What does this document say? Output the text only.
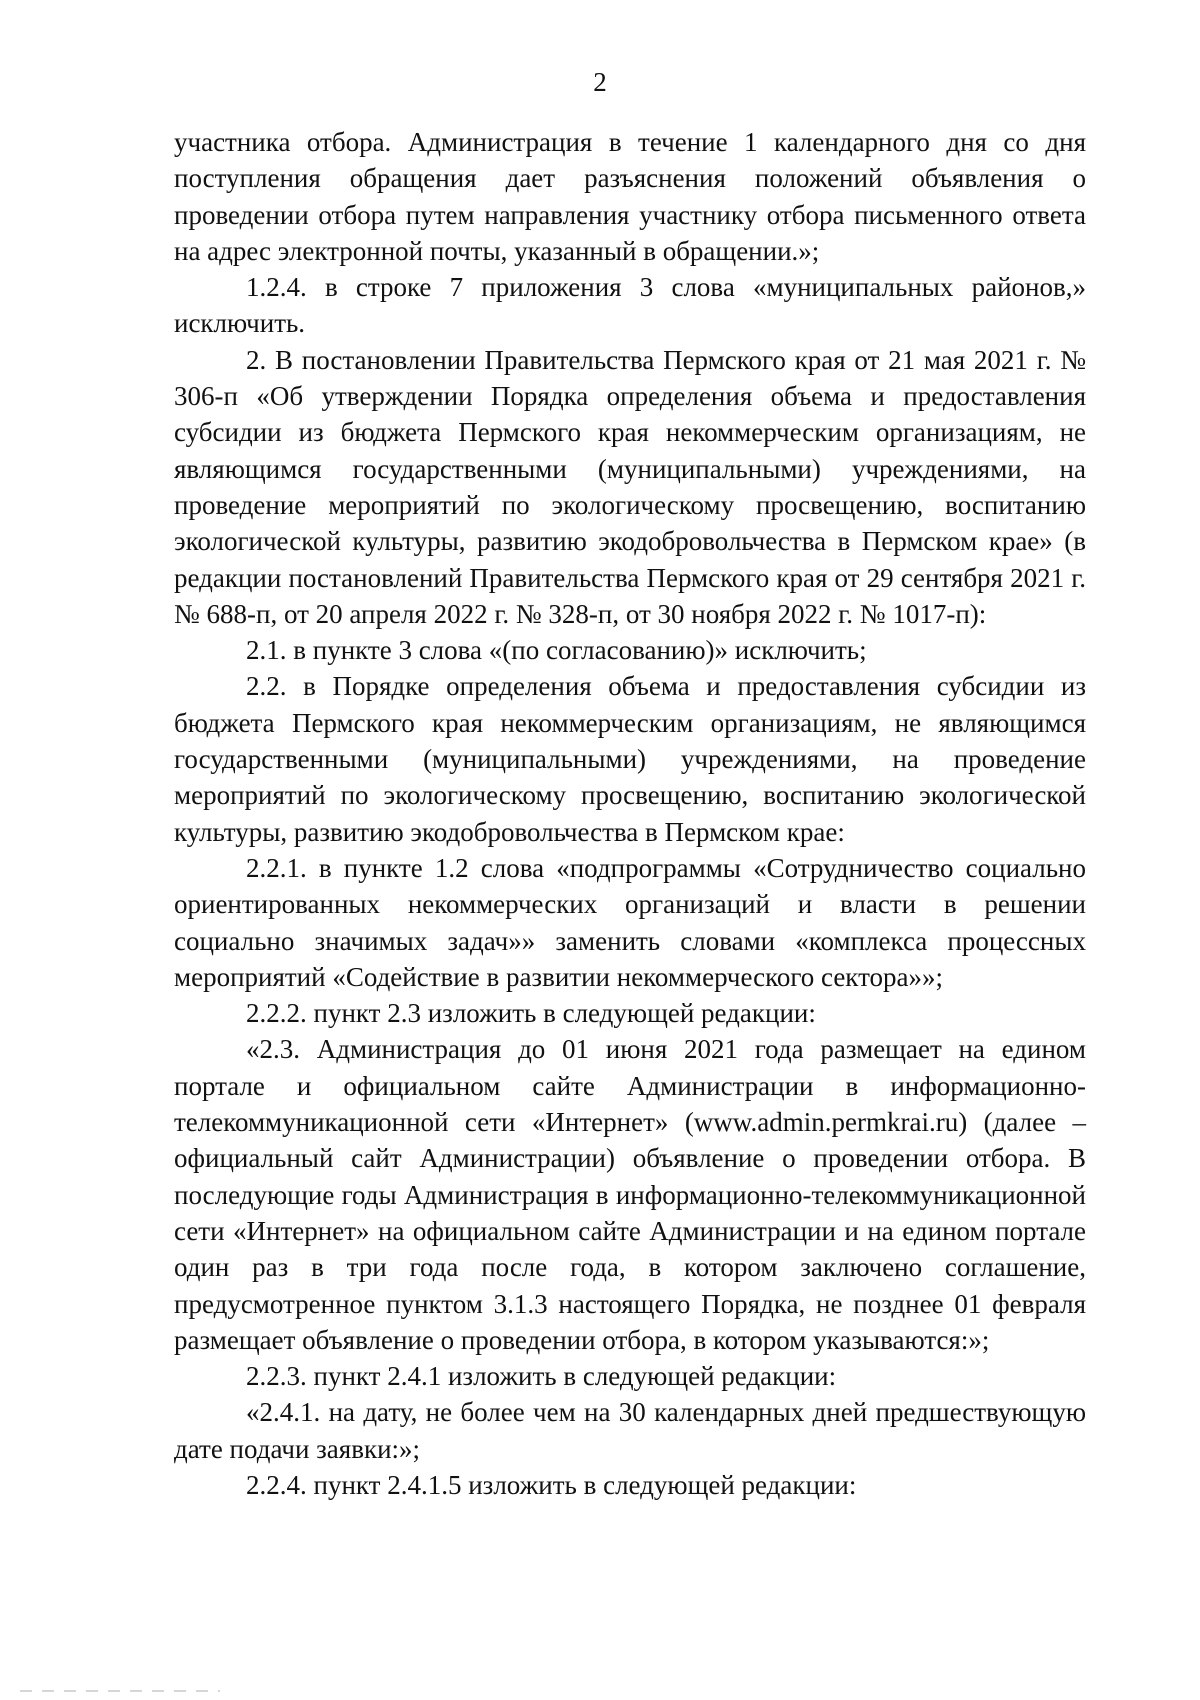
2

участника отбора. Администрация в течение 1 календарного дня со дня поступления обращения дает разъяснения положений объявления о проведении отбора путем направления участнику отбора письменного ответа на адрес электронной почты, указанный в обращении.»;

1.2.4. в строке 7 приложения 3 слова «муниципальных районов,» исключить.

2. В постановлении Правительства Пермского края от 21 мая 2021 г. № 306-п «Об утверждении Порядка определения объема и предоставления субсидии из бюджета Пермского края некоммерческим организациям, не являющимся государственными (муниципальными) учреждениями, на проведение мероприятий по экологическому просвещению, воспитанию экологической культуры, развитию экодобровольчества в Пермском крае» (в редакции постановлений Правительства Пермского края от 29 сентября 2021 г. № 688-п, от 20 апреля 2022 г. № 328-п, от 30 ноября 2022 г. № 1017-п):

2.1. в пункте 3 слова «(по согласованию)» исключить;

2.2. в Порядке определения объема и предоставления субсидии из бюджета Пермского края некоммерческим организациям, не являющимся государственными (муниципальными) учреждениями, на проведение мероприятий по экологическому просвещению, воспитанию экологической культуры, развитию экодобровольчества в Пермском крае:

2.2.1. в пункте 1.2 слова «подпрограммы «Сотрудничество социально ориентированных некоммерческих организаций и власти в решении социально значимых задач»» заменить словами «комплекса процессных мероприятий «Содействие в развитии некоммерческого сектора»»;

2.2.2. пункт 2.3 изложить в следующей редакции:

«2.3. Администрация до 01 июня 2021 года размещает на едином портале и официальном сайте Администрации в информационно-телекоммуникационной сети «Интернет» (www.admin.permkrai.ru) (далее – официальный сайт Администрации) объявление о проведении отбора. В последующие годы Администрация в информационно-телекоммуникационной сети «Интернет» на официальном сайте Администрации и на едином портале один раз в три года после года, в котором заключено соглашение, предусмотренное пунктом 3.1.3 настоящего Порядка, не позднее 01 февраля размещает объявление о проведении отбора, в котором указываются:»;

2.2.3. пункт 2.4.1 изложить в следующей редакции:

«2.4.1. на дату, не более чем на 30 календарных дней предшествующую дате подачи заявки:»;

2.2.4. пункт 2.4.1.5 изложить в следующей редакции:
